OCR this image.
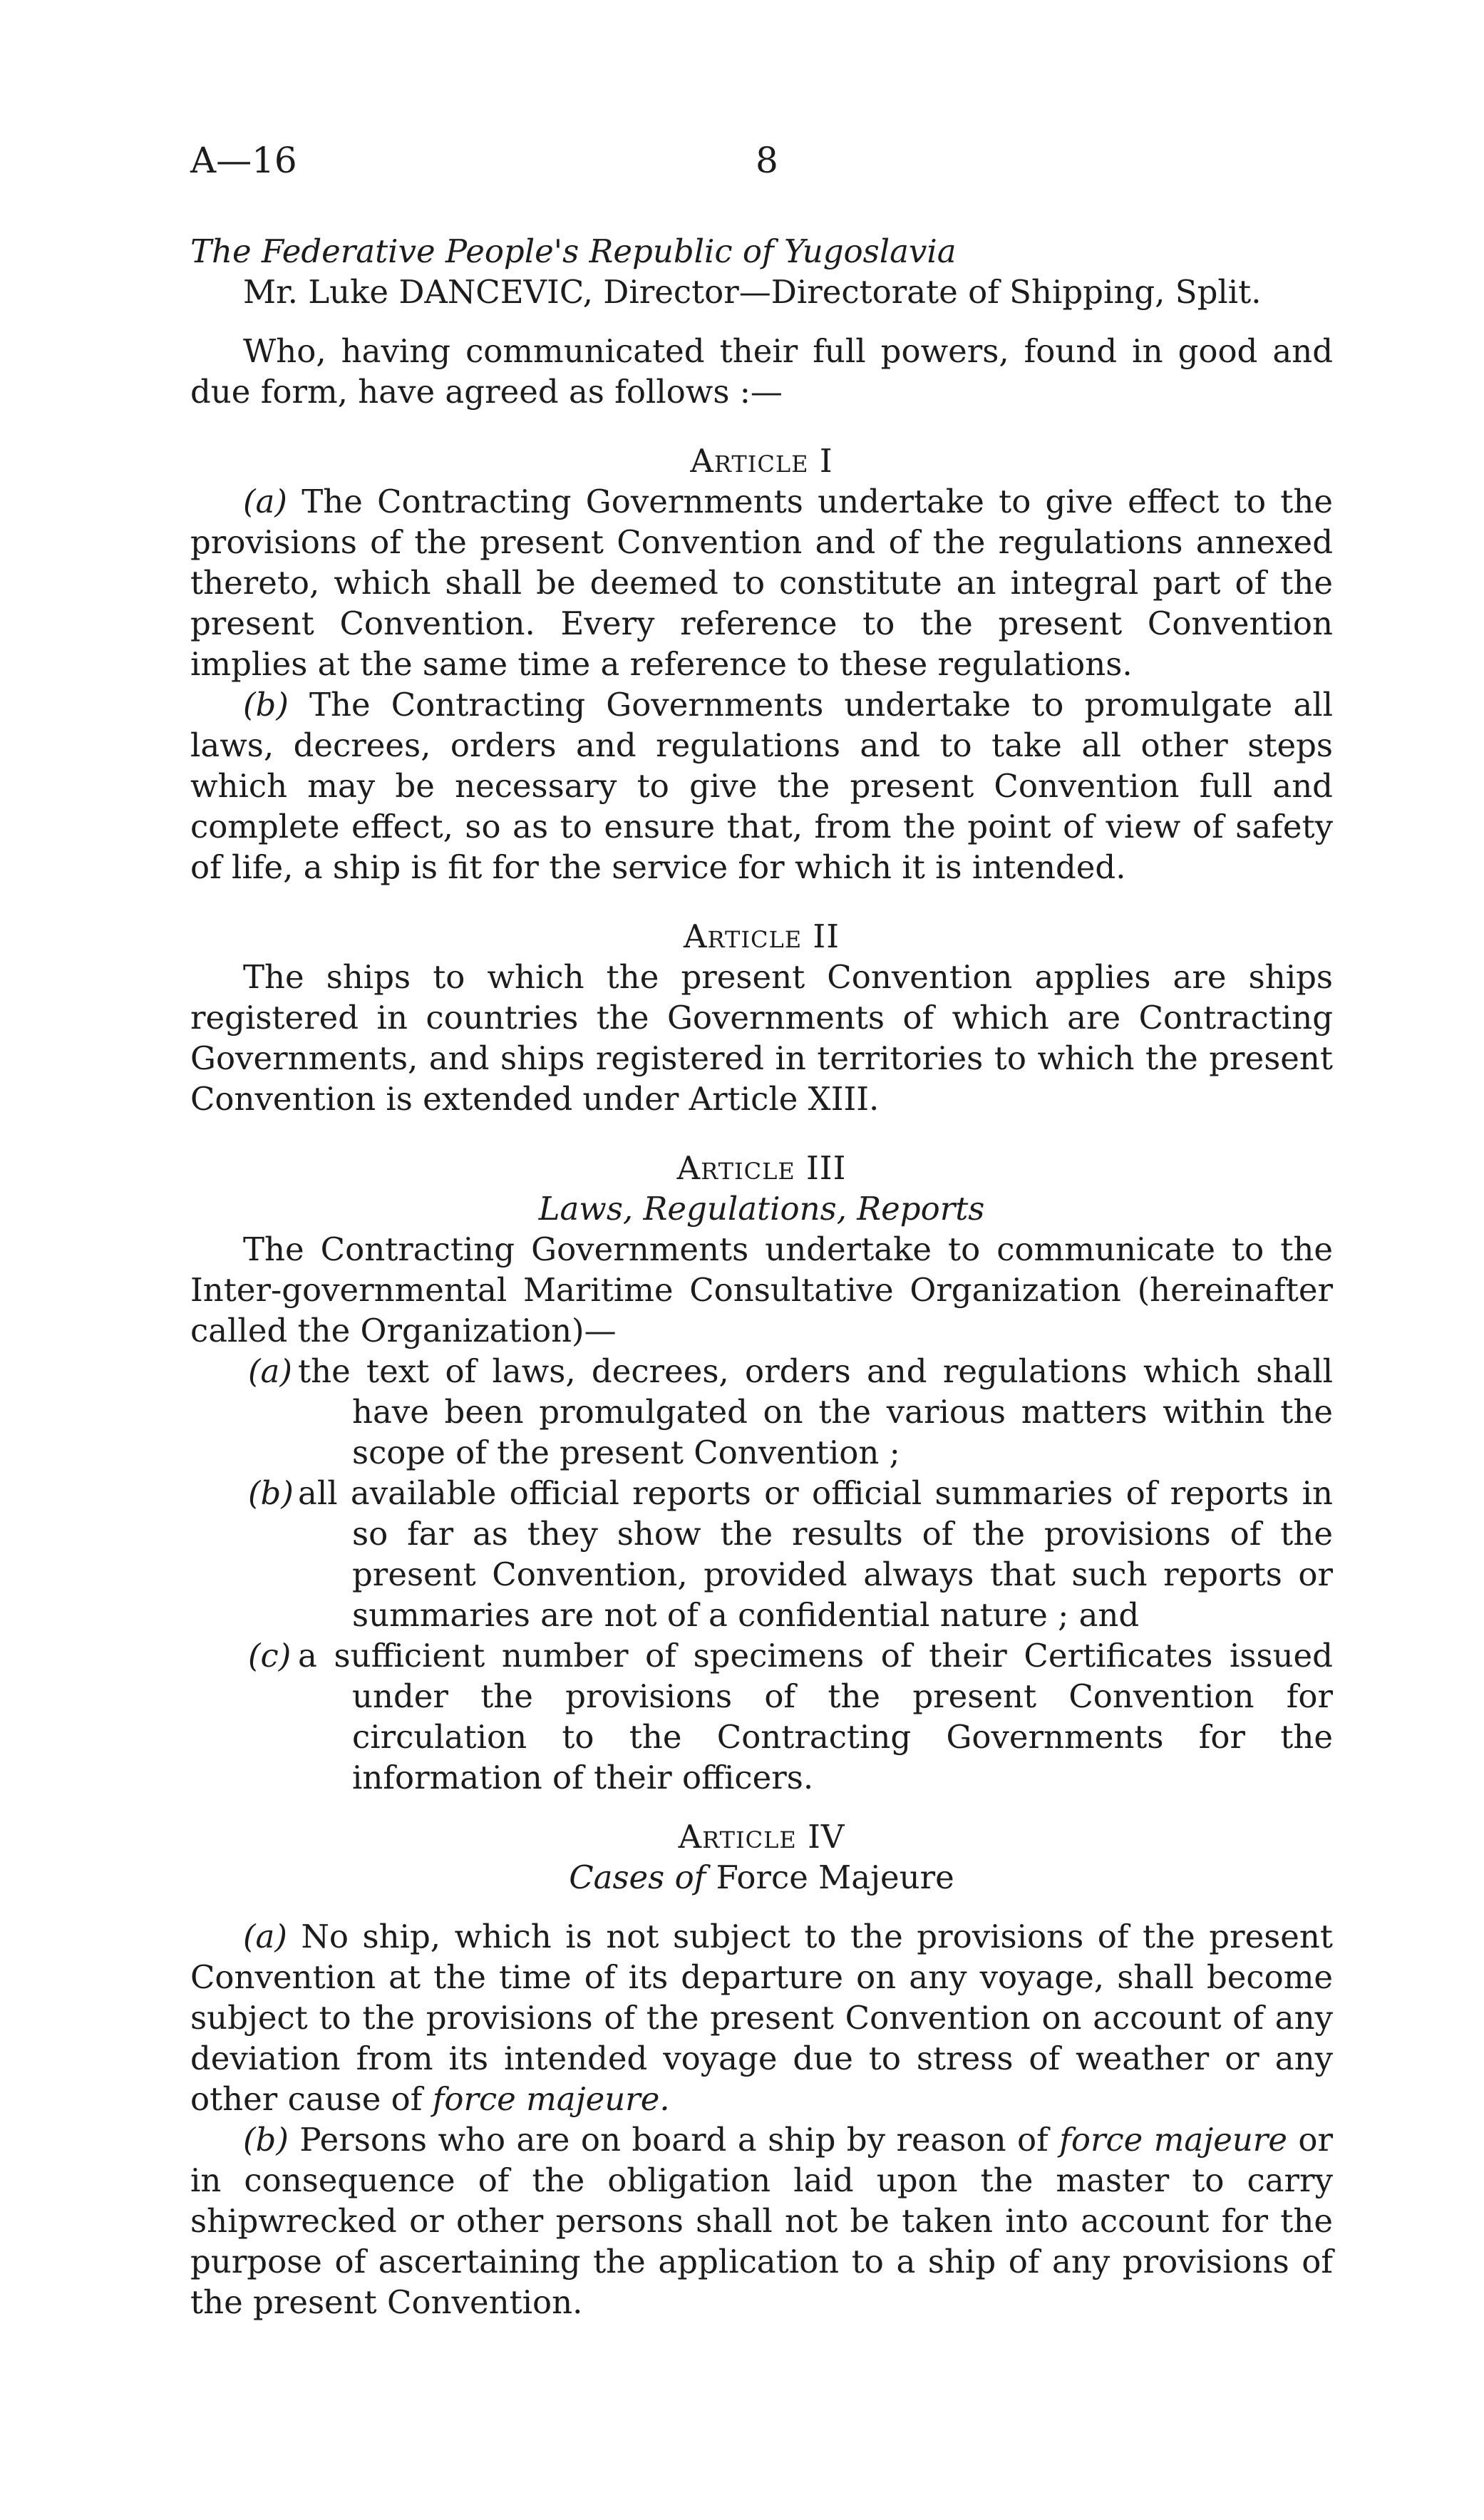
A—16	8

The Federative People's Republic of Yugoslavia

Mr. Luke DANCEVIC, Director—Directorate of Shipping, Split.

Who, having communicated their full powers, found in good and due form, have agreed as follows :—

Article I

(a) The Contracting Governments undertake to give effect to the provisions of the present Convention and of the regulations annexed thereto, which shall be deemed to constitute an integral part of the present Convention. Every reference to the present Convention implies at the same time a reference to these regulations.

(b) The Contracting Governments undertake to promulgate all laws, decrees, orders and regulations and to take all other steps which may be necessary to give the present Convention full and complete effect, so as to ensure that, from the point of view of safety of life, a ship is fit for the service for which it is intended.

Article II

The ships to which the present Convention applies are ships registered in countries the Governments of which are Contracting Governments, and ships registered in territories to which the present Convention is extended under Article XIII.

Article III

Laws, Regulations, Reports

The Contracting Governments undertake to communicate to the Inter-governmental Maritime Consultative Organization (hereinafter called the Organization)—

(a) the text of laws, decrees, orders and regulations which shall have been promulgated on the various matters within the scope of the present Convention ;

(b) all available official reports or official summaries of reports in so far as they show the results of the provisions of the present Convention, provided always that such reports or summaries are not of a confidential nature ; and

(c) a sufficient number of specimens of their Certificates issued under the provisions of the present Convention for circulation to the Contracting Governments for the information of their officers.

Article IV

Cases of Force Majeure

(a) No ship, which is not subject to the provisions of the present Convention at the time of its departure on any voyage, shall become subject to the provisions of the present Convention on account of any deviation from its intended voyage due to stress of weather or any other cause of force majeure.

(b) Persons who are on board a ship by reason of force majeure or in consequence of the obligation laid upon the master to carry shipwrecked or other persons shall not be taken into account for the purpose of ascertaining the application to a ship of any provisions of the present Convention.
